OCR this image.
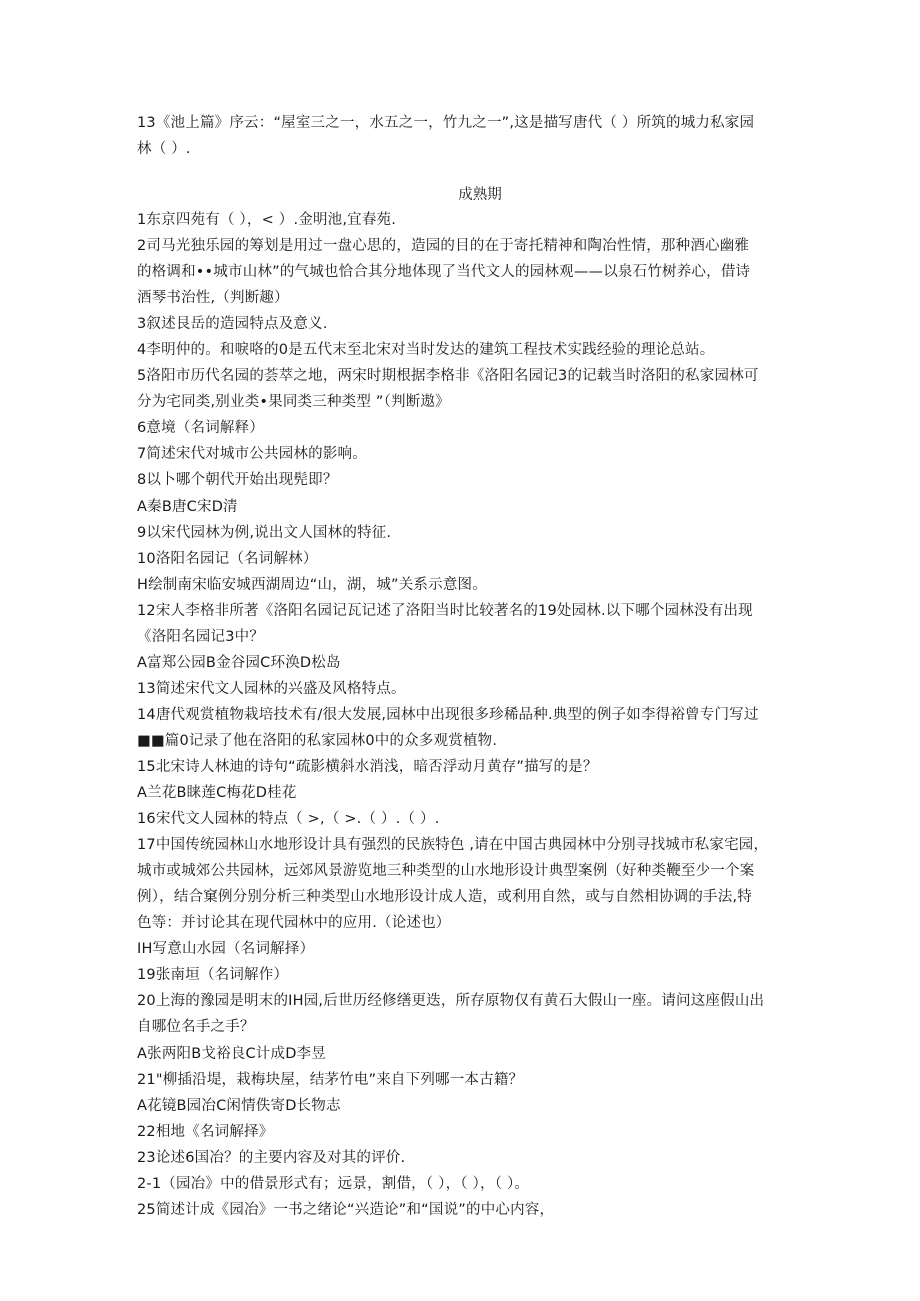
13《池上篇》序云：“屋室三之一，水五之一，竹九之一”,这是描写唐代（ ）所筑的城力私家园
林（ ）.
成熟期
1东京四苑有（ ），< ）.金明池,宜春苑.
2司马光独乐园的筹划是用过一盘心思的，造园的目的在于寄托精神和陶冶性情，那种酒心幽雅
的格调和••城市山林”的气城也恰合其分地体现了当代文人的园林观——以泉石竹树养心，借诗
酒琴书治性,（判断趣）
3叙述艮岳的造园特点及意义.
4李明仲的。和唳咯的0是五代末至北宋对当时发达的建筑工程技术实践经验的理论总站。
5洛阳市历代名园的荟萃之地，两宋时期根据李格非《洛阳名园记3的记载当时洛阳的私家园林可
分为宅同类,别业类•果同类三种类型 ”（判断遨》
6意境（名词解释）
7简述宋代对城市公共园林的影响。
8以卜哪个朝代开始出现髡即？
A秦B唐C宋D清
9以宋代园林为例,说出文人国林的特征.
10洛阳名园记（名词解林）
H绘制南宋临安城西湖周边“山，湖，城”关系示意图。
12宋人李格非所著《洛阳名园记瓦记述了洛阳当时比较著名的19处园林.以下哪个园林没有出现
《洛阳名园记3中？
A富郑公园B金谷园C环涣D松岛
13简述宋代文人园林的兴盛及风格特点。
14唐代观赏植物栽培技术有/很大发展,园林中出现很多珍稀品种.典型的例子如李得裕曾专门写过
■■篇0记录了他在洛阳的私家园林0中的众多观赏植物.
15北宋诗人林迪的诗句“疏影横斜水消浅，暗否浮动月黄存”描写的是？
A兰花B睐莲C梅花D桂花
16宋代文人园林的特点（ >,（ >.（ ）.（ ）.
17中国传统园林山水地形设计具有强烈的民族特色 ,请在中国古典园林中分别寻找城市私家宅园，
城市或城郊公共园林，远郊风景游览地三种类型的山水地形设计典型案例（好种类鞭至少一个案
例），结合窠例分别分析三种类型山水地形设计成人造，或利用自然，或与自然相协调的手法,特
色等：并讨论其在现代园林中的应用.（论述也）
IH写意山水园（名词解择）
19张南垣（名词解作）
20上海的豫园是明末的IH园,后世历经修缮更迭，所存原物仅有黄石大假山一座。请问这座假山出
自哪位名手之手？
A张两阳B戈裕良C计成D李昱
21"柳插沿堤，栽梅块屋，结茅竹电”来自下列哪一本古籍？
A花镜B园冶C闲情佚寄D长物志
22相地《名词解择》
23论述6国冶？的主要内容及对其的评价.
2-1（园冶》中的借景形式有；远景，割借，（ ），（ ），（ ）。
25简述计成《园冶》一书之绪论“兴造论”和“国说”的中心内容，
